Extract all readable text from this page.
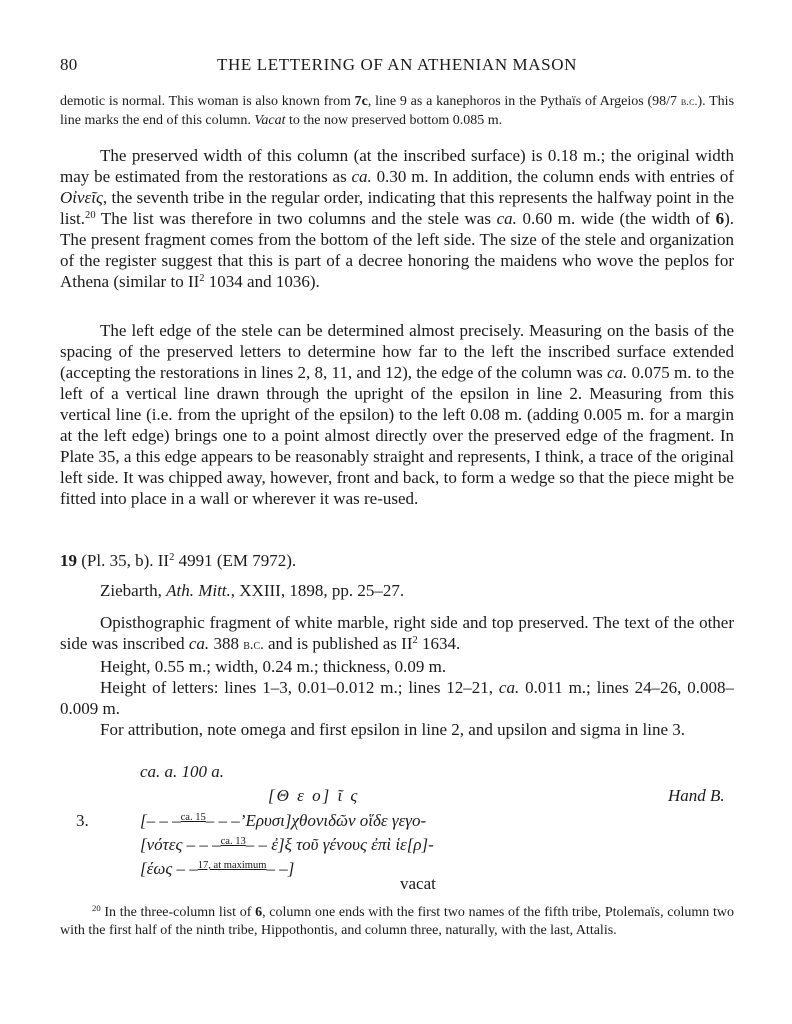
80	THE LETTERING OF AN ATHENIAN MASON

demotic is normal. This woman is also known from 7c, line 9 as a kanephoros in the Pythaïs of Argeios (98/7 b.c.). This line marks the end of this column. Vacat to the now preserved bottom 0.085 m.

The preserved width of this column (at the inscribed surface) is 0.18 m.; the original width may be estimated from the restorations as ca. 0.30 m. In addition, the column ends with entries of Οἰνεῖς, the seventh tribe in the regular order, indicating that this represents the halfway point in the list.$^{20}$ The list was therefore in two columns and the stele was ca. 0.60 m. wide (the width of 6). The present fragment comes from the bottom of the left side. The size of the stele and organization of the register suggest that this is part of a decree honoring the maidens who wove the peplos for Athena (similar to $II^2$ 1034 and 1036).

The left edge of the stele can be determined almost precisely. Measuring on the basis of the spacing of the preserved letters to determine how far to the left the inscribed surface extended (accepting the restorations in lines 2, 8, 11, and 12), the edge of the column was ca. 0.075 m. to the left of a vertical line drawn through the upright of the epsilon in line 2. Measuring from this vertical line (i.e. from the upright of the epsilon) to the left 0.08 m. (adding 0.005 m. for a margin at the left edge) brings one to a point almost directly over the preserved edge of the fragment. In Plate 35, a this edge appears to be reasonably straight and represents, I think, a trace of the original left side. It was chipped away, however, front and back, to form a wedge so that the piece might be fitted into place in a wall or wherever it was re-used.

19 (Pl. 35, b). $II^2$ 4991 (EM 7972).

Ziebarth, Ath. Mitt., XXIII, 1898, pp. 25–27.

Opisthographic fragment of white marble, right side and top preserved. The text of the other side was inscribed ca. 388 b.c. and is published as $II^2$ 1634.

Height, 0.55 m.; width, 0.24 m.; thickness, 0.09 m.

Height of letters: lines 1–3, 0.01–0.012 m.; lines 12–21, ca. 0.011 m.; lines 24–26, 0.008–0.009 m.

For attribution, note omega and first epsilon in line 2, and upsilon and sigma in line 3.

ca. a. 100 a.
[Θ ε ο] ῖ ς	Hand B.
3.	[– – –$^{ca. 15}$– – –’Ερυσι]χθονιδῶν οἵδε γεγο-
[νότες – – –$^{ca. 13}$– – ἐ]ξ τοῦ γένους ἐπὶ ἱε[ρ]-
[έως – –$^{17, at maximum}$– –]
vacat
$^{20}$ In the three-column list of 6, column one ends with the first two names of the fifth tribe, Ptolemaïs, column two with the first half of the ninth tribe, Hippothontis, and column three, naturally, with the last, Attalis.
